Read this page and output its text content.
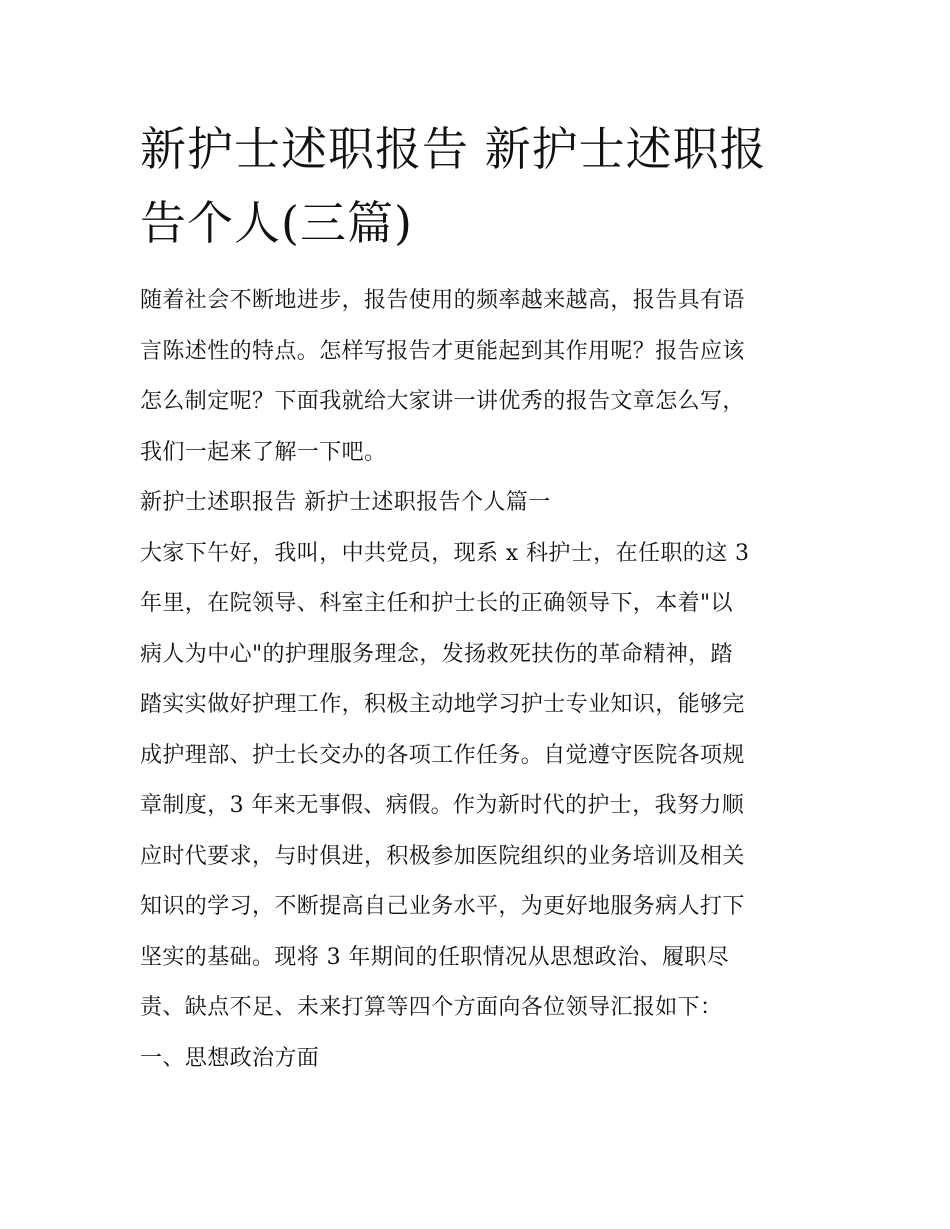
新护士述职报告 新护士述职报
告个人(三篇)
随着社会不断地进步，报告使用的频率越来越高，报告具有语
言陈述性的特点。怎样写报告才更能起到其作用呢？报告应该
怎么制定呢？下面我就给大家讲一讲优秀的报告文章怎么写，
我们一起来了解一下吧。
新护士述职报告 新护士述职报告个人篇一
大家下午好，我叫，中共党员，现系 x 科护士，在任职的这 3
年里，在院领导、科室主任和护士长的正确领导下，本着"以
病人为中心"的护理服务理念，发扬救死扶伤的革命精神，踏
踏实实做好护理工作，积极主动地学习护士专业知识，能够完
成护理部、护士长交办的各项工作任务。自觉遵守医院各项规
章制度，3 年来无事假、病假。作为新时代的护士，我努力顺
应时代要求，与时俱进，积极参加医院组织的业务培训及相关
知识的学习，不断提高自己业务水平，为更好地服务病人打下
坚实的基础。现将 3 年期间的任职情况从思想政治、履职尽
责、缺点不足、未来打算等四个方面向各位领导汇报如下：
一、思想政治方面
